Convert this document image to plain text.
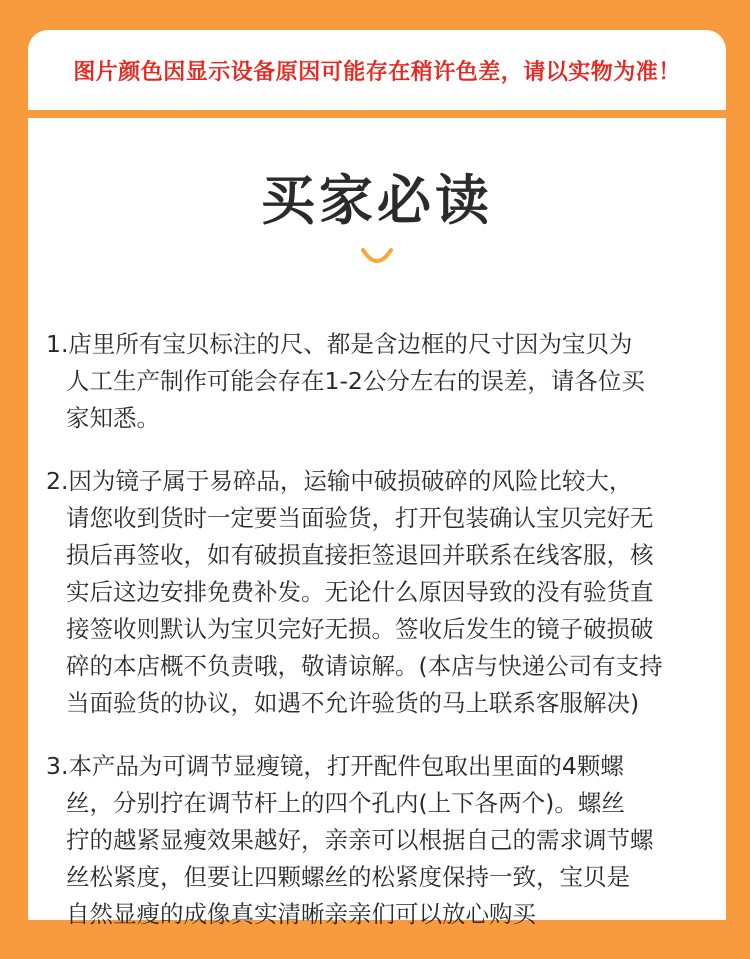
图片颜色因显示设备原因可能存在稍许色差，请以实物为准！
买家必读

1.店里所有宝贝标注的尺、都是含边框的尺寸因为宝贝为

人工生产制作可能会存在1-2公分左右的误差，请各位买

家知悉。

2.因为镜子属于易碎品，运输中破损破碎的风险比较大，

请您收到货时一定要当面验货，打开包装确认宝贝完好无

损后再签收，如有破损直接拒签退回并联系在线客服，核

实后这边安排免费补发。无论什么原因导致的没有验货直

接签收则默认为宝贝完好无损。签收后发生的镜子破损破

碎的本店概不负责哦，敬请谅解。(本店与快递公司有支持

当面验货的协议，如遇不允许验货的马上联系客服解决)

3.本产品为可调节显瘦镜，打开配件包取出里面的4颗螺

丝，分别拧在调节杆上的四个孔内(上下各两个)。螺丝

拧的越紧显瘦效果越好，亲亲可以根据自己的需求调节螺

丝松紧度，但要让四颗螺丝的松紧度保持一致，宝贝是

自然显瘦的成像真实清晰亲亲们可以放心购买
